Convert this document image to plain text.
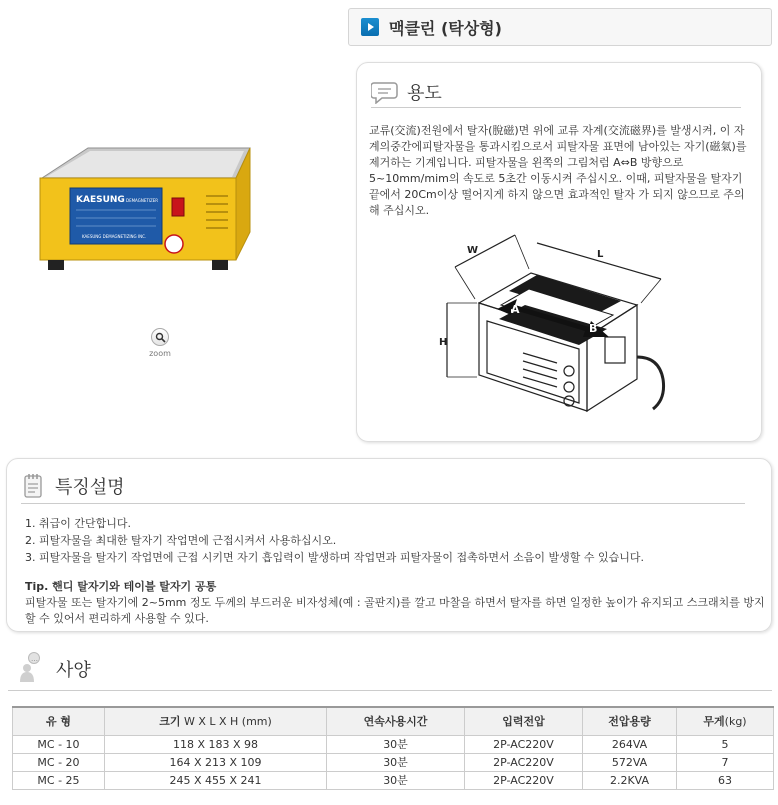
KAESUNG DEMAGNETIZER
KAESUNG DEMAGNETIZING INC.
zoom
맥클린 (탁상형)
용도
교류(交流)전원에서 탈자(脫磁)면 위에 교류 자계(交流磁界)를 발생시켜, 이 자계의중간에피탈자물을 통과시킴으로서 피탈자물 표면에 남아있는 자기(磁氣)를 제거하는 기계입니다. 피탈자물을 왼쪽의 그림처럼 A⇔B 방향으로 5~10mm/mim의 속도로 5초간 이동시켜 주십시오. 이때, 피탈자물을 탈자기 끝에서 20Cm이상 떨어지게 하지 않으면 효과적인 탈자 가 되지 않으므로 주의해 주십시오.
A
B
W	L
H
특징설명
1. 취급이 간단합니다.
2. 피탈자물을 최대한 탈자기 작업면에 근접시켜서 사용하십시오.
3. 피탈자물을 탈자기 작업면에 근접 시키면 자기 흡입력이 발생하며 작업면과 피탈자물이 접촉하면서 소음이 발생할 수 있습니다.
Tip. 핸디 탈자기와 테이블 탈자기 공통
피탈자물 또는 탈자기에 2~5mm 정도 두께의 부드러운 비자성체(예 : 골판지)를 깔고 마찰을 하면서 탈자를 하면 일정한 높이가 유지되고 스크래치를 방지할 수 있어서 편리하게 사용할 수 있다.
…
사양
유 형	크기 W X L X H (mm)	연속사용시간	입력전압	전압용량	무게(kg)
MC - 10	118 X 183 X 98	30분	2P-AC220V	264VA	5
MC - 20	164 X 213 X 109	30분	2P-AC220V	572VA	7
MC - 25	245 X 455 X 241	30분	2P-AC220V	2.2KVA	63
